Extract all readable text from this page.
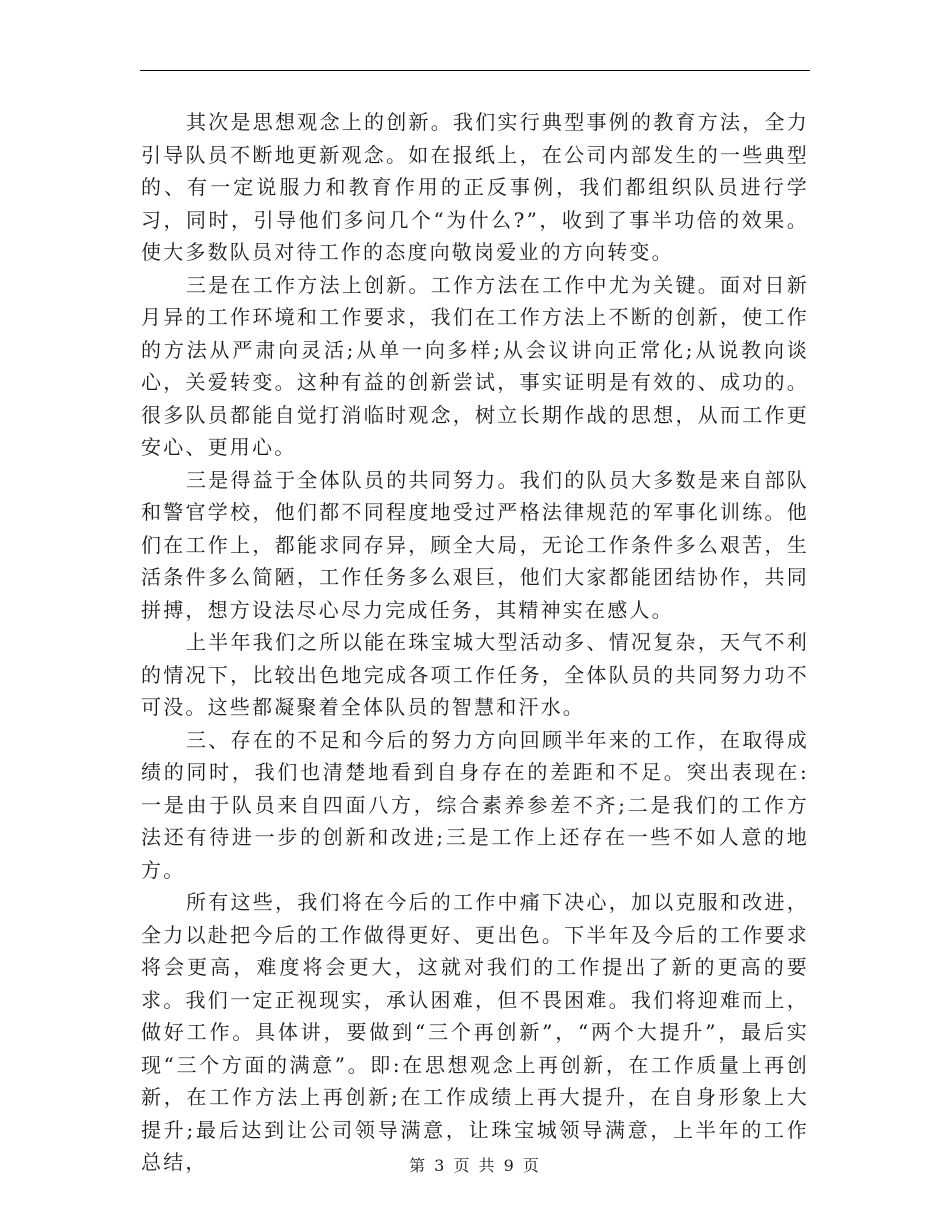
其次是思想观念上的创新。我们实行典型事例的教育方法，全力引导队员不断地更新观念。如在报纸上，在公司内部发生的一些典型的、有一定说服力和教育作用的正反事例，我们都组织队员进行学习，同时，引导他们多问几个“为什么?”，收到了事半功倍的效果。使大多数队员对待工作的态度向敬岗爱业的方向转变。

三是在工作方法上创新。工作方法在工作中尤为关键。面对日新月异的工作环境和工作要求，我们在工作方法上不断的创新，使工作的方法从严肃向灵活;从单一向多样;从会议讲向正常化;从说教向谈心，关爱转变。这种有益的创新尝试，事实证明是有效的、成功的。很多队员都能自觉打消临时观念，树立长期作战的思想，从而工作更安心、更用心。

三是得益于全体队员的共同努力。我们的队员大多数是来自部队和警官学校，他们都不同程度地受过严格法律规范的军事化训练。他们在工作上，都能求同存异，顾全大局，无论工作条件多么艰苦，生活条件多么简陋，工作任务多么艰巨，他们大家都能团结协作，共同拼搏，想方设法尽心尽力完成任务，其精神实在感人。

上半年我们之所以能在珠宝城大型活动多、情况复杂，天气不利的情况下，比较出色地完成各项工作任务，全体队员的共同努力功不可没。这些都凝聚着全体队员的智慧和汗水。

三、存在的不足和今后的努力方向回顾半年来的工作，在取得成绩的同时，我们也清楚地看到自身存在的差距和不足。突出表现在:一是由于队员来自四面八方，综合素养参差不齐;二是我们的工作方法还有待进一步的创新和改进;三是工作上还存在一些不如人意的地方。

所有这些，我们将在今后的工作中痛下决心，加以克服和改进，全力以赴把今后的工作做得更好、更出色。下半年及今后的工作要求将会更高，难度将会更大，这就对我们的工作提出了新的更高的要求。我们一定正视现实，承认困难，但不畏困难。我们将迎难而上，做好工作。具体讲，要做到“三个再创新”，“两个大提升”，最后实现“三个方面的满意”。即:在思想观念上再创新，在工作质量上再创新，在工作方法上再创新;在工作成绩上再大提升，在自身形象上大提升;最后达到让公司领导满意，让珠宝城领导满意，上半年的工作总结，	第 3 页 共 9 页
